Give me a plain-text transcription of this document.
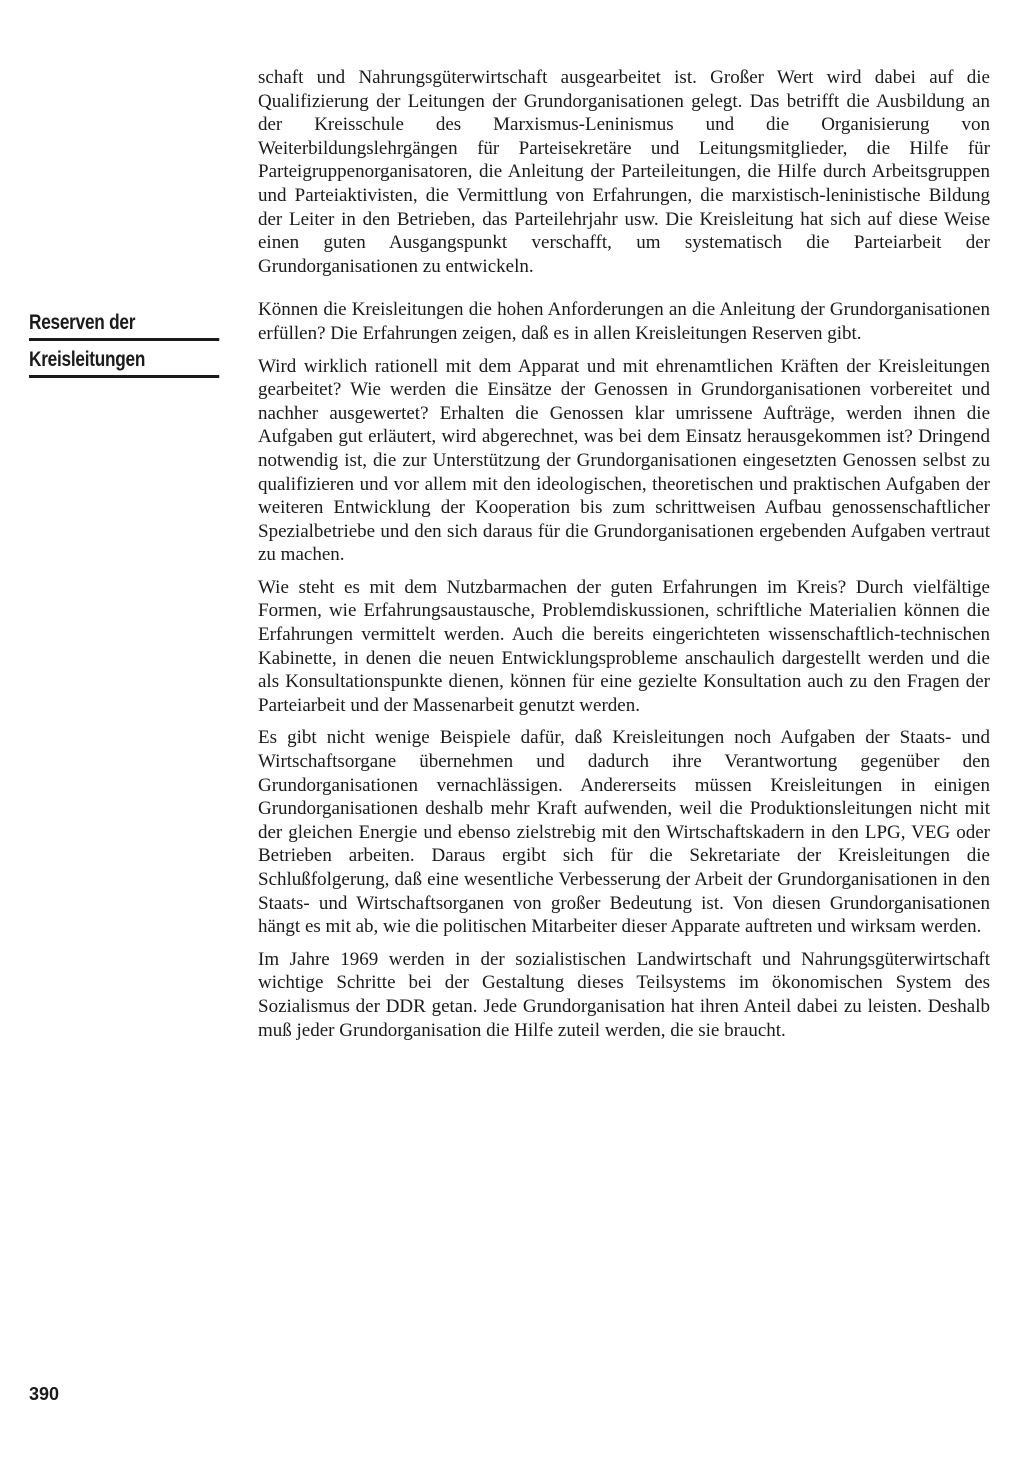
Reserven der
Kreisleitungen

schaft und Nahrungsgüterwirtschaft ausgearbeitet ist. Großer Wert wird dabei auf die Qualifizierung der Leitungen der Grundorganisationen gelegt. Das betrifft die Ausbildung an der Kreisschule des Marxismus-Leninismus und die Organisierung von Weiterbildungslehrgängen für Parteisekretäre und Leitungsmitglieder, die Hilfe für Parteigruppenorganisatoren, die Anleitung der Parteileitungen, die Hilfe durch Arbeitsgruppen und Parteiaktivisten, die Vermittlung von Erfahrungen, die marxistisch-leninistische Bildung der Leiter in den Betrieben, das Parteilehrjahr usw. Die Kreisleitung hat sich auf diese Weise einen guten Ausgangspunkt verschafft, um systematisch die Parteiarbeit der Grundorganisationen zu entwickeln.

Können die Kreisleitungen die hohen Anforderungen an die Anleitung der Grundorganisationen erfüllen? Die Erfahrungen zeigen, daß es in allen Kreisleitungen Reserven gibt.

Wird wirklich rationell mit dem Apparat und mit ehrenamtlichen Kräften der Kreisleitungen gearbeitet? Wie werden die Einsätze der Genossen in Grundorganisationen vorbereitet und nachher ausgewertet? Erhalten die Genossen klar umrissene Aufträge, werden ihnen die Aufgaben gut erläutert, wird abgerechnet, was bei dem Einsatz herausgekommen ist? Dringend notwendig ist, die zur Unterstützung der Grundorganisationen eingesetzten Genossen selbst zu qualifizieren und vor allem mit den ideologischen, theoretischen und praktischen Aufgaben der weiteren Entwicklung der Kooperation bis zum schrittweisen Aufbau genossenschaftlicher Spezialbetriebe und den sich daraus für die Grundorganisationen ergebenden Aufgaben vertraut zu machen.

Wie steht es mit dem Nutzbarmachen der guten Erfahrungen im Kreis? Durch vielfältige Formen, wie Erfahrungsaustausche, Problemdiskussionen, schriftliche Materialien können die Erfahrungen vermittelt werden. Auch die bereits eingerichteten wissenschaftlich-technischen Kabinette, in denen die neuen Entwicklungsprobleme anschaulich dargestellt werden und die als Konsultationspunkte dienen, können für eine gezielte Konsultation auch zu den Fragen der Parteiarbeit und der Massenarbeit genutzt werden.

Es gibt nicht wenige Beispiele dafür, daß Kreisleitungen noch Aufgaben der Staats- und Wirtschaftsorgane übernehmen und dadurch ihre Verantwortung gegenüber den Grundorganisationen vernachlässigen. Andererseits müssen Kreisleitungen in einigen Grundorganisationen deshalb mehr Kraft aufwenden, weil die Produktionsleitungen nicht mit der gleichen Energie und ebenso zielstrebig mit den Wirtschaftskadern in den LPG, VEG oder Betrieben arbeiten. Daraus ergibt sich für die Sekretariate der Kreisleitungen die Schlußfolgerung, daß eine wesentliche Verbesserung der Arbeit der Grundorganisationen in den Staats- und Wirtschaftsorganen von großer Bedeutung ist. Von diesen Grundorganisationen hängt es mit ab, wie die politischen Mitarbeiter dieser Apparate auftreten und wirksam werden.

Im Jahre 1969 werden in der sozialistischen Landwirtschaft und Nahrungsgüterwirtschaft wichtige Schritte bei der Gestaltung dieses Teilsystems im ökonomischen System des Sozialismus der DDR getan. Jede Grundorganisation hat ihren Anteil dabei zu leisten. Deshalb muß jeder Grundorganisation die Hilfe zuteil werden, die sie braucht.

390
